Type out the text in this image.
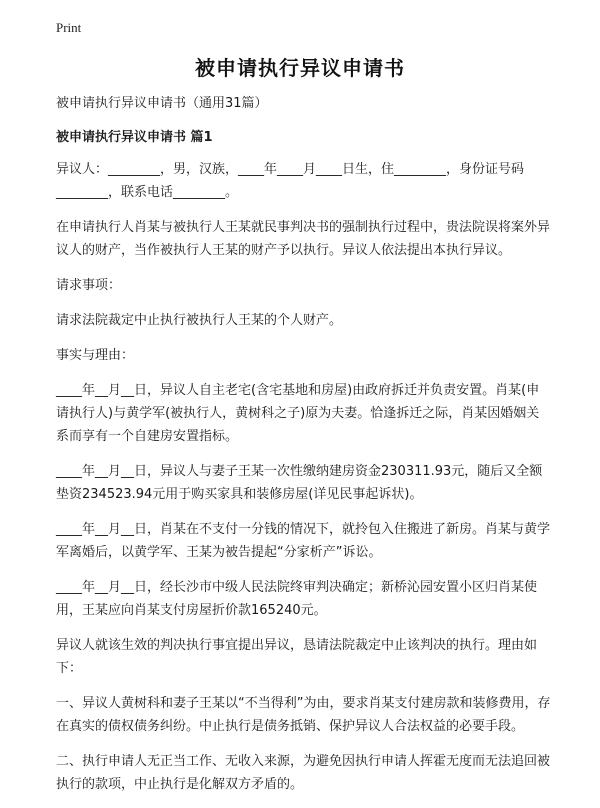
Print
被申请执行异议申请书

被申请执行异议申请书（通用31篇）

被申请执行异议申请书 篇1

异议人：________，男，汉族，____年____月____日生，住________，身份证号码________，联系电话________。

在申请执行人肖某与被执行人王某就民事判决书的强制执行过程中，贵法院误将案外异议人的财产，当作被执行人王某的财产予以执行。异议人依法提出本执行异议。

请求事项：

请求法院裁定中止执行被执行人王某的个人财产。

事实与理由：

____年__月__日，异议人自主老宅(含宅基地和房屋)由政府拆迁并负责安置。肖某(申请执行人)与黄学军(被执行人，黄树科之子)原为夫妻。恰逢拆迁之际，肖某因婚姻关系而享有一个自建房安置指标。

____年__月__日，异议人与妻子王某一次性缴纳建房资金230311.93元，随后又全额垫资234523.94元用于购买家具和装修房屋(详见民事起诉状)。

____年__月__日，肖某在不支付一分钱的情况下，就拎包入住搬进了新房。肖某与黄学军离婚后，以黄学军、王某为被告提起“分家析产”诉讼。

____年__月__日，经长沙市中级人民法院终审判决确定；新桥沁园安置小区归肖某使用，王某应向肖某支付房屋折价款165240元。

异议人就该生效的判决执行事宜提出异议，恳请法院裁定中止该判决的执行。理由如下：

一、异议人黄树科和妻子王某以“不当得利”为由，要求肖某支付建房款和装修费用，存在真实的债权债务纠纷。中止执行是债务抵销、保护异议人合法权益的必要手段。

二、执行申请人无正当工作、无收入来源，为避免因执行申请人挥霍无度而无法追回被执行的款项，中止执行是化解双方矛盾的。
